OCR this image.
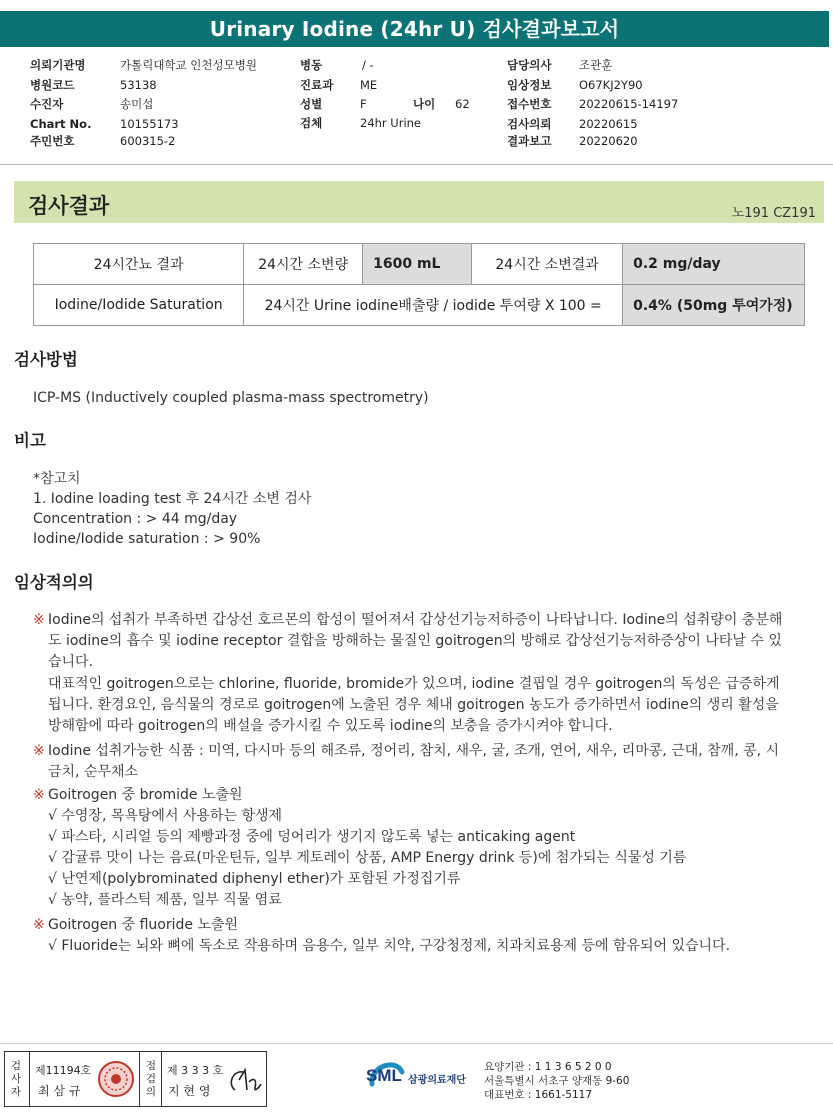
Urinary Iodine (24hr U) 검사결과보고서
의뢰기관명	가톨릭대학교 인천성모병원
병원코드	53138
수진자	송미섭
Chart No. 10155173
주민번호	600315-2
병동	/ -
진료과 ME
성별	F	나이 62
검체	24hr Urine
담당의사 조관훈
임상정보 O67KJ2Y90
접수번호 20220615-14197
검사의뢰 20220615
결과보고 20220620
검사결과	노191 CZ191
24시간뇨 결과	24시간 소변량	1600 mL	24시간 소변결과	0.2 mg/day
Iodine/Iodide Saturation	24시간 Urine iodine배출량 / iodide 투여량 X 100 =			0.4% (50mg 투여가정)
검사방법
ICP-MS (Inductively coupled plasma-mass spectrometry)
비고
*참고치
1. Iodine loading test 후 24시간 소변 검사
Concentration : > 44 mg/day
Iodine/Iodide saturation : > 90%
임상적의의
※ Iodine의 섭취가 부족하면 갑상선 호르몬의 합성이 떨어져서 갑상선기능저하증이 나타납니다. Iodine의 섭취량이 충분해도 iodine의 흡수 및 iodine receptor 결합을 방해하는 물질인 goitrogen의 방해로 갑상선기능저하증상이 나타날 수 있습니다.
대표적인 goitrogen으로는 chlorine, fluoride, bromide가 있으며, iodine 결핍일 경우 goitrogen의 독성은 급증하게 됩니다. 환경요인, 음식물의 경로로 goitrogen에 노출된 경우 체내 goitrogen 농도가 증가하면서 iodine의 생리 활성을 방해함에 따라 goitrogen의 배설을 증가시킬 수 있도록 iodine의 보충을 증가시켜야 합니다.
※ Iodine 섭취가능한 식품 : 미역, 다시마 등의 해조류, 정어리, 참치, 새우, 굴, 조개, 연어, 새우, 리마콩, 근대, 참깨, 콩, 시금치, 순무채소
※ Goitrogen 중 bromide 노출원
√ 수영장, 목욕탕에서 사용하는 항생제
√ 파스타, 시리얼 등의 제빵과정 중에 덩어리가 생기지 않도록 넣는 anticaking agent
√ 감귤류 맛이 나는 음료(마운틴듀, 일부 게토레이 상품, AMP Energy drink 등)에 첨가되는 식물성 기름
√ 난연제(polybrominated diphenyl ether)가 포함된 가정집기류
√ 농약, 플라스틱 제품, 일부 직물 염료
※ Goitrogen 중 fluoride 노출원
√ Fluoride는 뇌와 뼈에 독소로 작용하며 음용수, 일부 치약, 구강청정제, 치과치료용제 등에 함유되어 있습니다.
검사자
제11194호
최 삼 규
점검의
제 3 3 3 호
지 현 영
SML 삼광의료재단
요양기관 : 1 1 3 6 5 2 0 0
서울특별시 서초구 양재동 9-60
대표번호 : 1661-5117
